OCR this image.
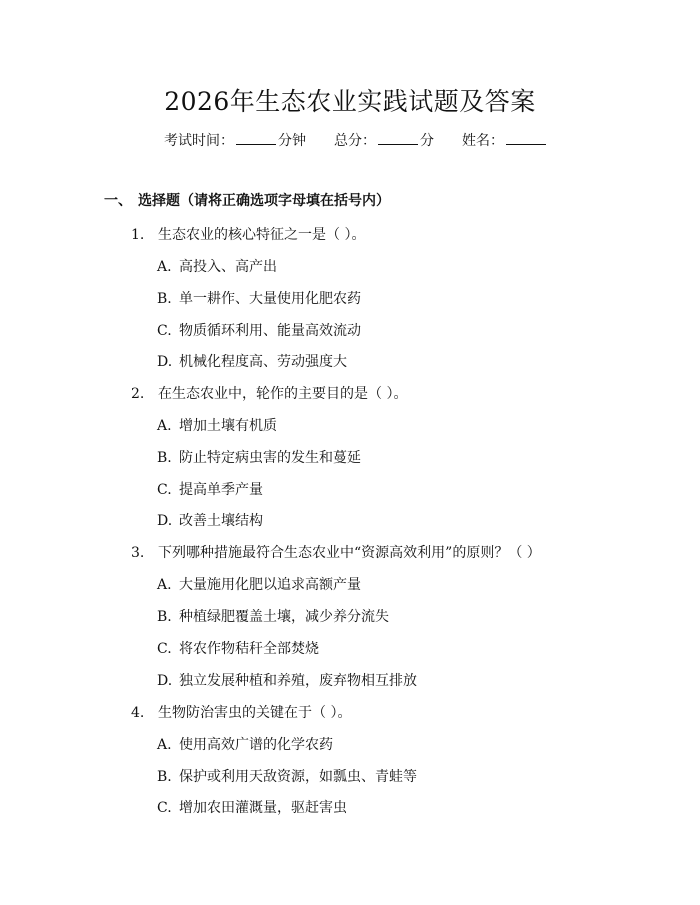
2026年生态农业实践试题及答案
考试时间：	分钟 总分：	分 姓名：
一、 选择题（请将正确选项字母填在括号内）
1. 生态农业的核心特征之一是（ ）。
A. 高投入、高产出
B. 单一耕作、大量使用化肥农药
C. 物质循环利用、能量高效流动
D. 机械化程度高、劳动强度大
2. 在生态农业中，轮作的主要目的是（ ）。
A. 增加土壤有机质
B. 防止特定病虫害的发生和蔓延
C. 提高单季产量
D. 改善土壤结构
3. 下列哪种措施最符合生态农业中“资源高效利用”的原则？（ ）
A. 大量施用化肥以追求高额产量
B. 种植绿肥覆盖土壤，减少养分流失
C. 将农作物秸秆全部焚烧
D. 独立发展种植和养殖，废弃物相互排放
4. 生物防治害虫的关键在于（ ）。
A. 使用高效广谱的化学农药
B. 保护或利用天敌资源，如瓢虫、青蛙等
C. 增加农田灌溉量，驱赶害虫
